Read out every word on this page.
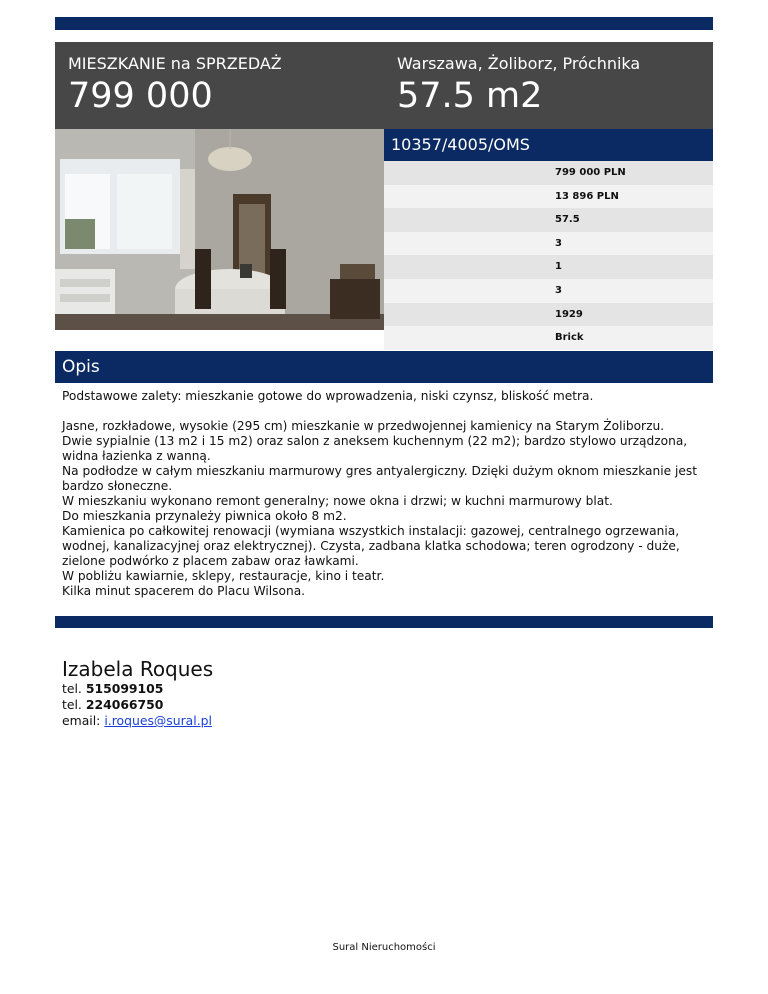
MIESZKANIE na SPRZEDAŻ
799 000
Warszawa, Żoliborz, Próchnika
57.5 m2
10357/4005/OMS
799 000 PLN
13 896 PLN
57.5
3
1
3
1929
Brick
Opis

Podstawowe zalety: mieszkanie gotowe do wprowadzenia, niski czynsz, bliskość metra.

Jasne, rozkładowe, wysokie (295 cm) mieszkanie w przedwojennej kamienicy na Starym Żoliborzu.

Dwie sypialnie (13 m2 i 15 m2) oraz salon z aneksem kuchennym (22 m2); bardzo stylowo urządzona, widna łazienka z wanną.

Na podłodze w całym mieszkaniu marmurowy gres antyalergiczny. Dzięki dużym oknom mieszkanie jest bardzo słoneczne.

W mieszkaniu wykonano remont generalny; nowe okna i drzwi; w kuchni marmurowy blat.

Do mieszkania przynależy piwnica około 8 m2.

Kamienica po całkowitej renowacji (wymiana wszystkich instalacji: gazowej, centralnego ogrzewania, wodnej, kanalizacyjnej oraz elektrycznej). Czysta, zadbana klatka schodowa; teren ogrodzony - duże, zielone podwórko z placem zabaw oraz ławkami.

W pobliżu kawiarnie, sklepy, restauracje, kino i teatr.

Kilka minut spacerem do Placu Wilsona.

Izabela Roques
tel. 515099105
tel. 224066750
email: i.roques@sural.pl
Sural Nieruchomości
